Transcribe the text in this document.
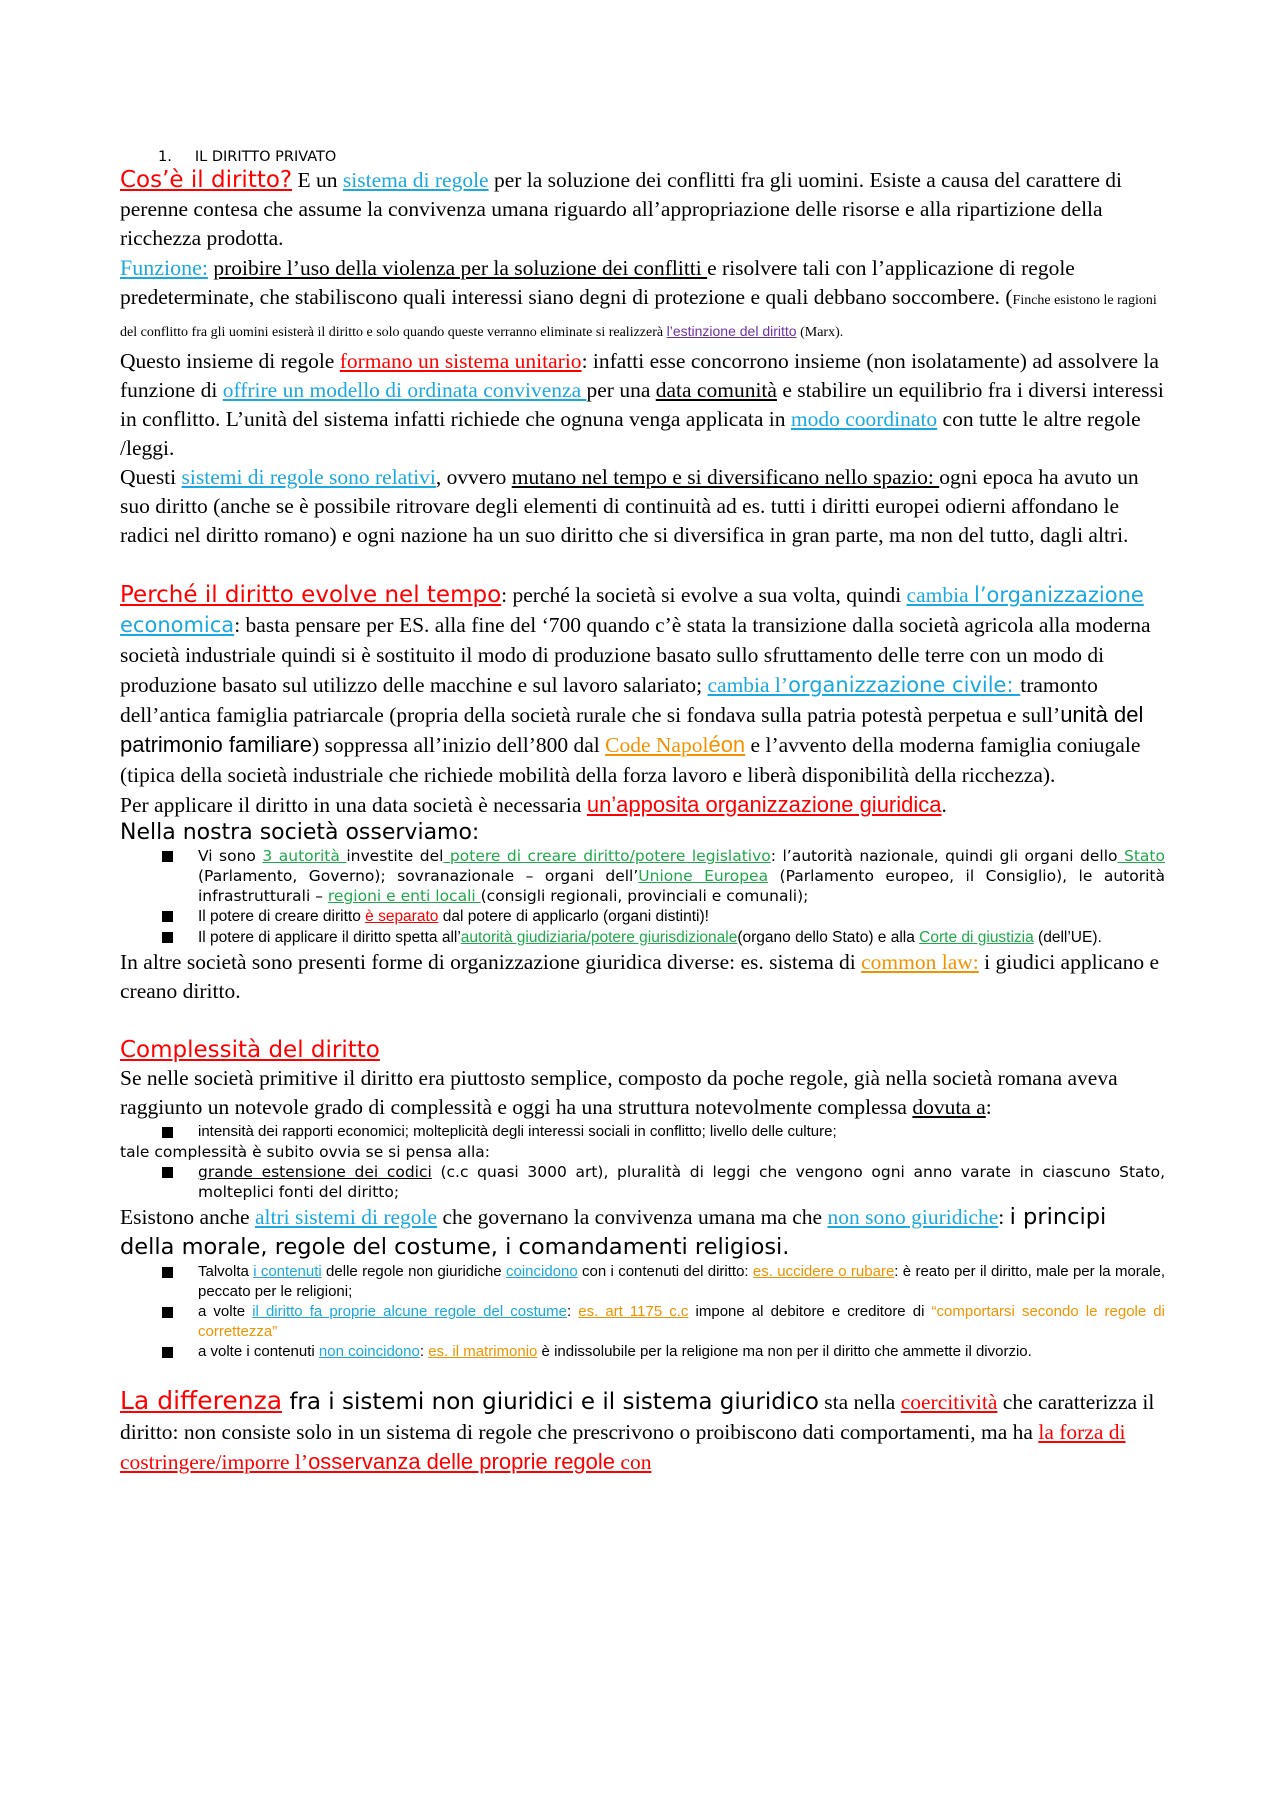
1. IL DIRITTO PRIVATO

Cos’è il diritto? E un sistema di regole per la soluzione dei conflitti fra gli uomini. Esiste a causa del carattere di perenne contesa che assume la convivenza umana riguardo all’appropriazione delle risorse e alla ripartizione della ricchezza prodotta.

Funzione: proibire l’uso della violenza per la soluzione dei conflitti e risolvere tali con l’applicazione di regole predeterminate, che stabiliscono quali interessi siano degni di protezione e quali debbano soccombere. (Finche esistono le ragioni del conflitto fra gli uomini esisterà il diritto e solo quando queste verranno eliminate si realizzerà l’estinzione del diritto (Marx).

Questo insieme di regole formano un sistema unitario: infatti esse concorrono insieme (non isolatamente) ad assolvere la funzione di offrire un modello di ordinata convivenza per una data comunità e stabilire un equilibrio fra i diversi interessi in conflitto. L’unità del sistema infatti richiede che ognuna venga applicata in modo coordinato con tutte le altre regole /leggi.

Questi sistemi di regole sono relativi, ovvero mutano nel tempo e si diversificano nello spazio: ogni epoca ha avuto un suo diritto (anche se è possibile ritrovare degli elementi di continuità ad es. tutti i diritti europei odierni affondano le radici nel diritto romano) e ogni nazione ha un suo diritto che si diversifica in gran parte, ma non del tutto, dagli altri.

Perché il diritto evolve nel tempo: perché la società si evolve a sua volta, quindi cambia l’organizzazione economica: basta pensare per ES. alla fine del ‘700 quando c’è stata la transizione dalla società agricola alla moderna società industriale quindi si è sostituito il modo di produzione basato sullo sfruttamento delle terre con un modo di produzione basato sul utilizzo delle macchine e sul lavoro salariato; cambia l’organizzazione civile: tramonto dell’antica famiglia patriarcale (propria della società rurale che si fondava sulla patria potestà perpetua e sull’unità del patrimonio familiare) soppressa all’inizio dell’800 dal Code Napoléon e l’avvento della moderna famiglia coniugale (tipica della società industriale che richiede mobilità della forza lavoro e liberà disponibilità della ricchezza).

Per applicare il diritto in una data società è necessaria un’apposita organizzazione giuridica.

Nella nostra società osserviamo:

Vi sono 3 autorità investite del potere di creare diritto/potere legislativo: l’autorità nazionale, quindi gli organi dello Stato (Parlamento, Governo); sovranazionale – organi dell’Unione Europea (Parlamento europeo, il Consiglio), le autorità infrastrutturali – regioni e enti locali (consigli regionali, provinciali e comunali);
Il potere di creare diritto è separato dal potere di applicarlo (organi distinti)!
Il potere di applicare il diritto spetta all’autorità giudiziaria/potere giurisdizionale(organo dello Stato) e alla Corte di giustizia (dell’UE).

In altre società sono presenti forme di organizzazione giuridica diverse: es. sistema di common law: i giudici applicano e creano diritto.

Complessità del diritto

Se nelle società primitive il diritto era piuttosto semplice, composto da poche regole, già nella società romana aveva raggiunto un notevole grado di complessità e oggi ha una struttura notevolmente complessa dovuta a:

intensità dei rapporti economici; molteplicità degli interessi sociali in conflitto; livello delle culture;

tale complessità è subito ovvia se si pensa alla:

grande estensione dei codici (c.c quasi 3000 art), pluralità di leggi che vengono ogni anno varate in ciascuno Stato, molteplici fonti del diritto;

Esistono anche altri sistemi di regole che governano la convivenza umana ma che non sono giuridiche: i principi della morale, regole del costume, i comandamenti religiosi.

Talvolta i contenuti delle regole non giuridiche coincidono con i contenuti del diritto: es. uccidere o rubare: è reato per il diritto, male per la morale, peccato per le religioni;
a volte il diritto fa proprie alcune regole del costume: es. art 1175 c.c impone al debitore e creditore di “comportarsi secondo le regole di correttezza”
a volte i contenuti non coincidono: es. il matrimonio è indissolubile per la religione ma non per il diritto che ammette il divorzio.

La differenza fra i sistemi non giuridici e il sistema giuridico sta nella coercitività che caratterizza il diritto: non consiste solo in un sistema di regole che prescrivono o proibiscono dati comportamenti, ma ha la forza di costringere/imporre l’osservanza delle proprie regole con
